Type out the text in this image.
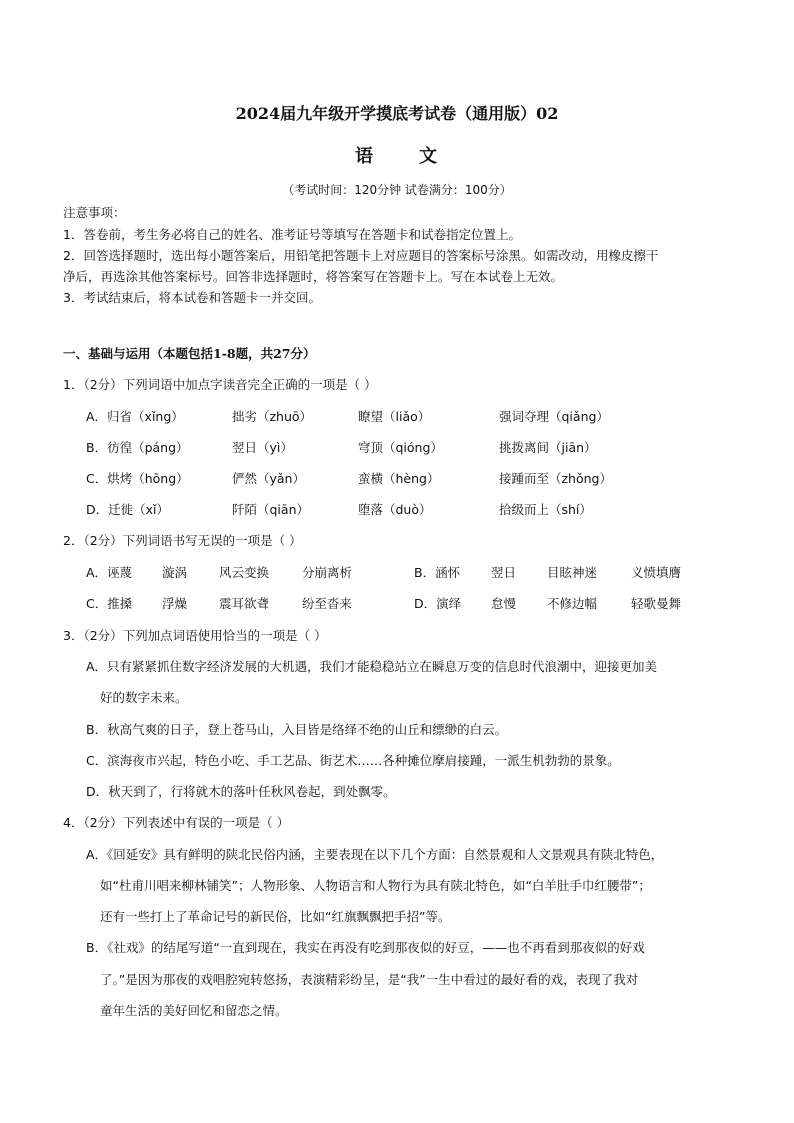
2024届九年级开学摸底考试卷（通用版）02
语 文
（考试时间：120分钟 试卷满分：100分）
注意事项：
1．答卷前，考生务必将自己的姓名、准考证号等填写在答题卡和试卷指定位置上。
2．回答选择题时，选出每小题答案后，用铅笔把答题卡上对应题目的答案标号涂黑。如需改动，用橡皮擦干
净后，再选涂其他答案标号。回答非选择题时，将答案写在答题卡上。写在本试卷上无效。
3．考试结束后，将本试卷和答题卡一并交回。
一、基础与运用（本题包括1-8题，共27分）
1．（2分）下列词语中加点字读音完全正确的一项是（ ）
A．归省（xǐng）	拙劣（zhuō）	瞭望（liǎo）	强词夺理（qiǎng）
B．彷徨（páng）	翌日（yì）	穹顶（qióng）	挑拨离间（jiān）
C．烘烤（hōng）	俨然（yǎn）	蛮横（hèng）	接踵而至（zhǒng）
D．迁徙（xǐ）	阡陌（qiān）	堕落（duò）	拾级而上（shí）
2．（2分）下列词语书写无误的一项是（ ）
A．诬蔑 漩涡	风云变换	分崩离析	B．涵怀 翌日 目眩神迷	义愤填膺
C．推搡 浮燥	震耳欲聋	纷至沓来	D．演绎 怠慢 不修边幅	轻歌曼舞
3．（2分）下列加点词语使用恰当的一项是（ ）
A．只有紧紧抓住数字经济发展的大机遇，我们才能稳稳站立在瞬息万变的信息时代浪潮中，迎接更加美
好的数字未来。
B．秋高气爽的日子，登上苍马山，入目皆是络绎不绝的山丘和缥缈的白云。
C．滨海夜市兴起，特色小吃、手工艺品、街艺术……各种摊位摩肩接踵，一派生机勃勃的景象。
D．秋天到了，行将就木的落叶任秋风卷起，到处飘零。
4．（2分）下列表述中有误的一项是（ ）
A．《回延安》具有鲜明的陕北民俗内涵，主要表现在以下几个方面：自然景观和人文景观具有陕北特色，
如“杜甫川唱来柳林铺笑”；人物形象、人物语言和人物行为具有陕北特色，如“白羊肚手巾红腰带”；
还有一些打上了革命记号的新民俗，比如“红旗飘飘把手招”等。
B．《社戏》的结尾写道“一直到现在，我实在再没有吃到那夜似的好豆，——也不再看到那夜似的好戏
了。”是因为那夜的戏唱腔宛转悠扬，表演精彩纷呈，是“我”一生中看过的最好看的戏，表现了我对
童年生活的美好回忆和留恋之情。
